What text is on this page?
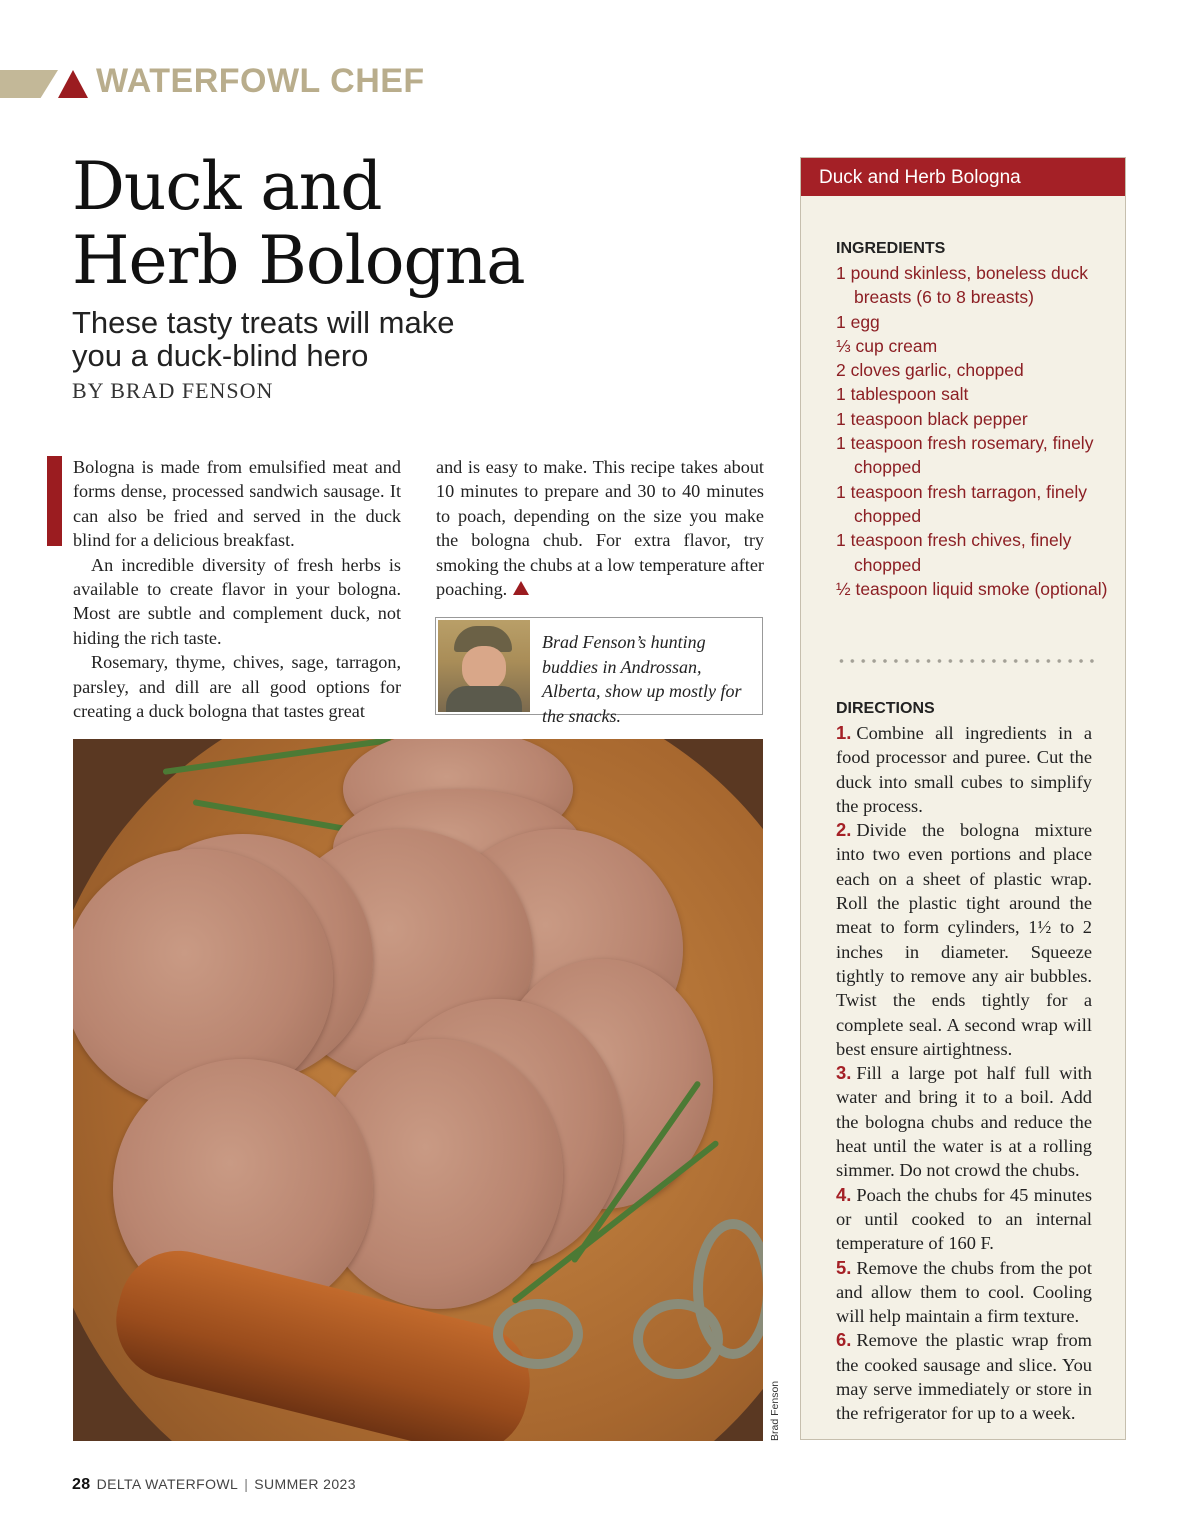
WATERFOWL CHEF
Duck and
Herb Bologna
These tasty treats will make
you a duck-blind hero
BY BRAD FENSON

Bologna is made from emulsified meat and forms dense, processed sandwich sausage. It can also be fried and served in the duck blind for a delicious breakfast.

An incredible diversity of fresh herbs is available to create flavor in your bologna. Most are subtle and complement duck, not hiding the rich taste.

Rosemary, thyme, chives, sage, tarragon, parsley, and dill are all good options for creating a duck bologna that tastes great

and is easy to make. This recipe takes about 10 minutes to prepare and 30 to 40 minutes to poach, depending on the size you make the bologna chub. For extra flavor, try smoking the chubs at a low temperature after poaching.

Brad Fenson’s hunting buddies in Androssan, Alberta, show up mostly for the snacks.
Brad Fenson
28 DELTA WATERFOWL | SUMMER 2023
Duck and Herb Bologna
INGREDIENTS
1 pound skinless, boneless duck breasts (6 to 8 breasts)
1 egg
⅓ cup cream
2 cloves garlic, chopped
1 tablespoon salt
1 teaspoon black pepper
1 teaspoon fresh rosemary, finely chopped
1 teaspoon fresh tarragon, finely chopped
1 teaspoon fresh chives, finely chopped
½ teaspoon liquid smoke (optional)
DIRECTIONS
1. Combine all ingredients in a food processor and puree. Cut the duck into small cubes to simplify the process.
2. Divide the bologna mixture into two even portions and place each on a sheet of plastic wrap. Roll the plastic tight around the meat to form cylinders, 1½ to 2 inches in diameter. Squeeze tightly to remove any air bubbles. Twist the ends tightly for a complete seal. A second wrap will best ensure airtightness.
3. Fill a large pot half full with water and bring it to a boil. Add the bologna chubs and reduce the heat until the water is at a rolling simmer. Do not crowd the chubs.
4. Poach the chubs for 45 minutes or until cooked to an internal temperature of 160 F.
5. Remove the chubs from the pot and allow them to cool. Cooling will help maintain a firm texture.
6. Remove the plastic wrap from the cooked sausage and slice. You may serve immediately or store in the refrigerator for up to a week.
